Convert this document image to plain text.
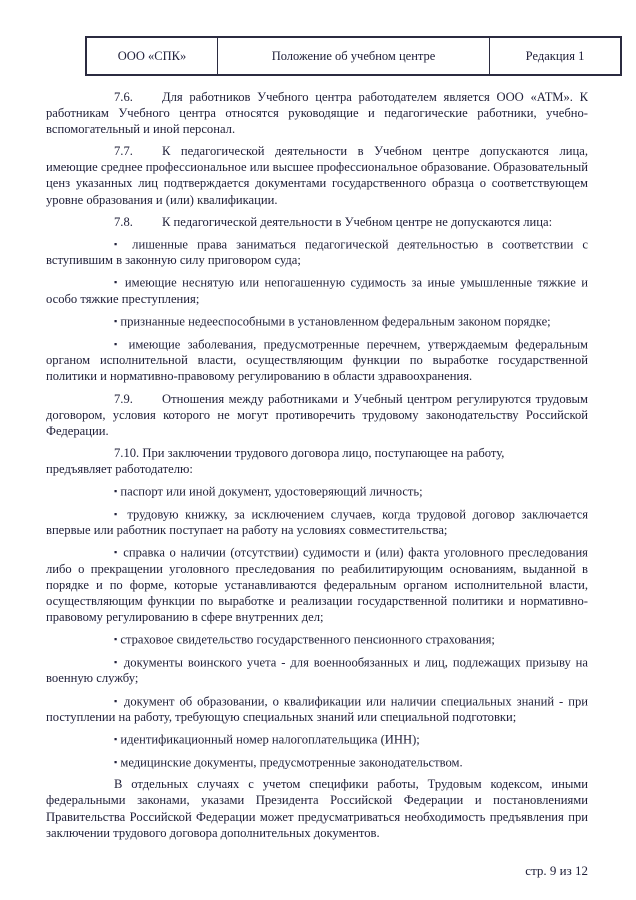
ООО «СПК»	Положение об учебном центре	Редакция 1

7.6. Для работников Учебного центра работодателем является ООО «АТМ». К работникам Учебного центра относятся руководящие и педагогические работники, учебно-вспомогательный и иной персонал.

7.7. К педагогической деятельности в Учебном центре допускаются лица, имеющие среднее профессиональное или высшее профессиональное образование. Образовательный ценз указанных лиц подтверждается документами государственного образца о соответствующем уровне образования и (или) квалификации.

7.8. К педагогической деятельности в Учебном центре не допускаются лица:

▪ лишенные права заниматься педагогической деятельностью в соответствии с вступившим в законную силу приговором суда;

▪ имеющие неснятую или непогашенную судимость за иные умышленные тяжкие и особо тяжкие преступления;

▪ признанные недееспособными в установленном федеральным законом порядке;

▪ имеющие заболевания, предусмотренные перечнем, утверждаемым федеральным органом исполнительной власти, осуществляющим функции по выработке государственной политики и нормативно-правовому регулированию в области здравоохранения.

7.9. Отношения между работниками и Учебный центром регулируются трудовым договором, условия которого не могут противоречить трудовому законодательству Российской Федерации.

7.10. При заключении трудового договора лицо, поступающее на работу,
предъявляет работодателю:

▪ паспорт или иной документ, удостоверяющий личность;

▪ трудовую книжку, за исключением случаев, когда трудовой договор заключается впервые или работник поступает на работу на условиях совместительства;

▪ справка о наличии (отсутствии) судимости и (или) факта уголовного преследования либо о прекращении уголовного преследования по реабилитирующим основаниям, выданной в порядке и по форме, которые устанавливаются федеральным органом исполнительной власти, осуществляющим функции по выработке и реализации государственной политики и нормативно-правовому регулированию в сфере внутренних дел;

▪ страховое свидетельство государственного пенсионного страхования;

▪ документы воинского учета - для военнообязанных и лиц, подлежащих призыву на военную службу;

▪ документ об образовании, о квалификации или наличии специальных знаний - при поступлении на работу, требующую специальных знаний или специальной подготовки;

▪ идентификационный номер налогоплательщика (ИНН);

▪ медицинские документы, предусмотренные законодательством.

В отдельных случаях с учетом специфики работы, Трудовым кодексом, иными федеральными законами, указами Президента Российской Федерации и постановлениями Правительства Российской Федерации может предусматриваться необходимость предъявления при заключении трудового договора дополнительных документов.

стр. 9 из 12
